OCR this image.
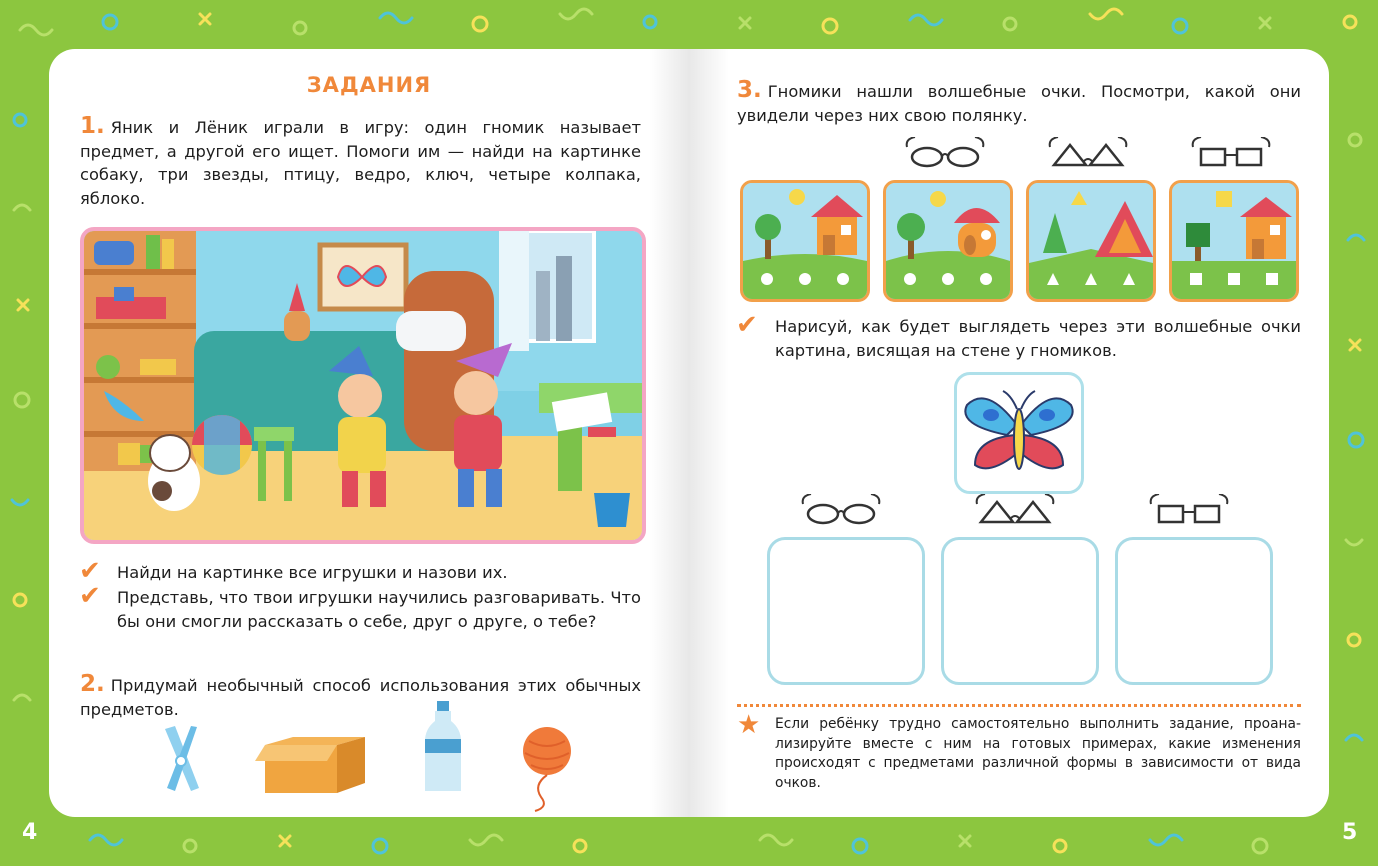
ЗАДАНИЯ
1. Яник и Лёник играли в игру: один гномик называет предмет, а другой его ищет. Помоги им — найди на картинке собаку, три звезды, птицу, ведро, ключ, четыре колпака, яблоко.
✔ Найди на картинке все игрушки и назови их.
✔ Представь, что твои игрушки научились разговаривать. Что бы они смогли рассказать о себе, друг о друге, о тебе?
2. Придумай необычный способ использования этих обычных предметов.
3. Гномики нашли волшебные очки. Посмотри, какой они увидели через них свою полянку.
✔ Нарисуй, как будет выглядеть через эти волшебные очки картина, висящая на стене у гномиков.
★ Если ребёнку трудно самостоятельно выполнить задание, проанализируйте вместе с ним на готовых примерах, какие изменения происходят с предметами различной формы в зависимости от вида очков.
4	5
